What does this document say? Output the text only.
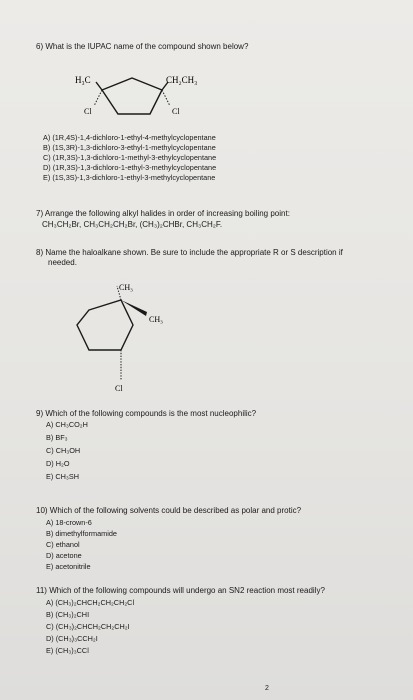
6) What is the IUPAC name of the compound shown below?
H₃C	CH₂CH₃
Cl	Cl
A) (1R,4S)-1,4-dichloro-1-ethyl-4-methylcyclopentane
B) (1S,3R)-1,3-dichloro-3-ethyl-1-methylcyclopentane
C) (1R,3S)-1,3-dichloro-1-methyl-3-ethylcyclopentane
D) (1R,3S)-1,3-dichloro-1-ethyl-3-methylcyclopentane
E) (1S,3S)-1,3-dichloro-1-ethyl-3-methylcyclopentane
7) Arrange the following alkyl halides in order of increasing boiling point:
CH₃CH₂Br, CH₃CH₂CH₂Br, (CH₃)₂CHBr, CH₃CH₂F.
8) Name the haloalkane shown. Be sure to include the appropriate R or S description if
needed.
CH₃
CH₃
Cl
9) Which of the following compounds is the most nucleophilic?
A) CH₃CO₂H
B) BF₃
C) CH₃OH
D) H₂O
E) CH₃SH
10) Which of the following solvents could be described as polar and protic?
A) 18-crown-6
B) dimethylformamide
C) ethanol
D) acetone
E) acetonitrile
11) Which of the following compounds will undergo an SN2 reaction most readily?
A) (CH₃)₂CHCH₂CH₂CH₂Cl
B) (CH₃)₂CHI
C) (CH₃)₂CHCH₂CH₂CH₂I
D) (CH₃)₃CCH₂I
E) (CH₃)₃CCl
2
